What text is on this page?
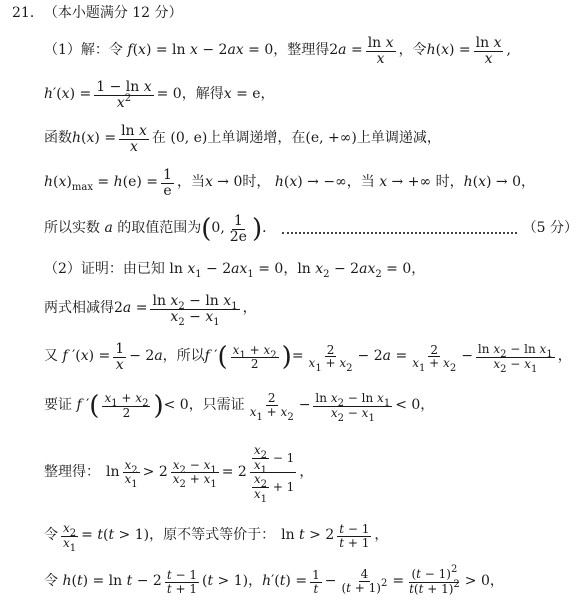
21． （本小题满分 12 分）
（1）解：令 f(x) = ln x − 2ax = 0 ，整理得 $2a = \frac{\text{ln x}}{x}$ ，令 $h(x) = \frac{\text{ln x}}{x}$ ,
$h'(x) = \frac{\text{1 − ln x}}{x^2} = 0$ ，解得 x = e，
函数 $h(x) = \frac{\text{ln x}}{x}$ 在 (0, e) 上单调递增，在 (e, +∞) 上单调递减，
$h(x)_{max} = h(e) = \frac{1}{e}$ ，当 x → 0 时， h(x) → −∞，当 x → +∞ 时，h(x) → 0，
所以实数 a 的取值范围为 ( 0, $\frac{1}{2e}$ ) ．	（5 分）
（2）证明：由已知 $\ln x_1 - 2ax_1 = 0$，$\ln x_2 - 2ax_2 = 0$，
两式相减得 $2a = \frac{\ln x_2 - \ln x_1}{x_2 - x_1}$ ，
又 f $'(x) = \frac{1}{x} - 2a$ ，所以 f ′ ( $\frac{x_1 + x_2}{2}$ ) = $\frac{2}{x_1 + x_2} - 2a = \frac{2}{x_1 + x_2} - \frac{\ln x_2 - \ln x_1}{x_2 - x_1}$ ，
要证 f ′ ( $\frac{x_1 + x_2}{2}$ ) < 0 ，只需证 $\frac{2}{x_1 + x_2} - \frac{\ln x_2 - \ln x_1}{x_2 - x_1} < 0$，
整理得： $\ln \frac{x_2}{x_1} > 2 \frac{x_2 - x_1}{x_2 + x_1} = 2 \frac{\frac{x_2}{x_1} - 1}{\frac{x_2}{x_1} + 1}$ ，
令 $\frac{x_2}{x_1} = t(t > 1)$ ，原不等式等价于： $\ln t > 2 \frac{t - 1}{t + 1}$ ，
令 $h(t) = \ln t - 2 \frac{t - 1}{t + 1} (t > 1)$，$h'(t) = \frac{1}{t} - \frac{4}{(t + 1)^2} = \frac{(t - 1)^2}{t(t + 1)^2} > 0$，
